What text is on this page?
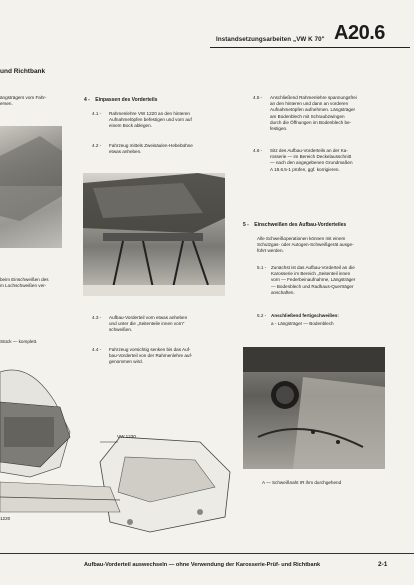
Instandsetzungsarbeiten „VW K 70" A20.6
und Richtbank
ängsträgers vom Fahr-
ersen.
beim Einschweißen des
m Lochschweißen ver-
Stück — komplett.
VW 1230
1220
4 - Einpassen des Vorderteils
4.1 - Rahmenlehre VW 1220 an den hinteren
Aufnahmelöpfen befestigen und vorn auf
einem Bock ablegen.
4.2 - Fahrzeug mittels Zweisäulen-Hebebühne
etwas anheben.
4.3 - Aufbau-Vorderteil vorn etwas anheben
und unter die „Seitenteile innen vorn"
schweißen.
4.4 - Fahrzeug vorsichtig senken bis das Auf-
bau-Vorderteil von der Rahmenlehre auf-
genommen wird.
4.5 - Anschließend Rahmenlehre spannungsfrei
an den hinteren und dann an vorderen
Aufnahmetöpfen aufnehmen. Längsträger
am Bodenblech mit Schraubzwingen
durch die Öffnungen im Bodenblech be-
festigen.
4.6 - Sitz des Aufbau-Vorderteils an der Ka-
rosserie — im Bereich Deckelausschnitt
— nach den angegebenen Grundmaßen
A 18.6.5-1 prüfen, ggf. korrigieren.
5 - Einschweißen des Aufbau-Vorderteiles
Alle Schweißoperationen können mit einem
Schutzgas- oder Autogen-Schweißgerät ausge-
führt werden.
5.1 - Zunächst ist das Aufbau-Vorderteil an die
Karosserie im Bereich „Seitenteil innen
vorn — Federbeinaufnahme, Längsträger
— Bodenblech und Radhaus-Querträger
anschaften.
5.2 - Anschließend fertigschweißen:
a - Längsträger — Bodenblech
A — Schweißnaht IR ihm durchgehend
Aufbau-Vorderteil auswechseln — ohne Verwendung der Karosserie-Prüf- und Richtbank	2-1
